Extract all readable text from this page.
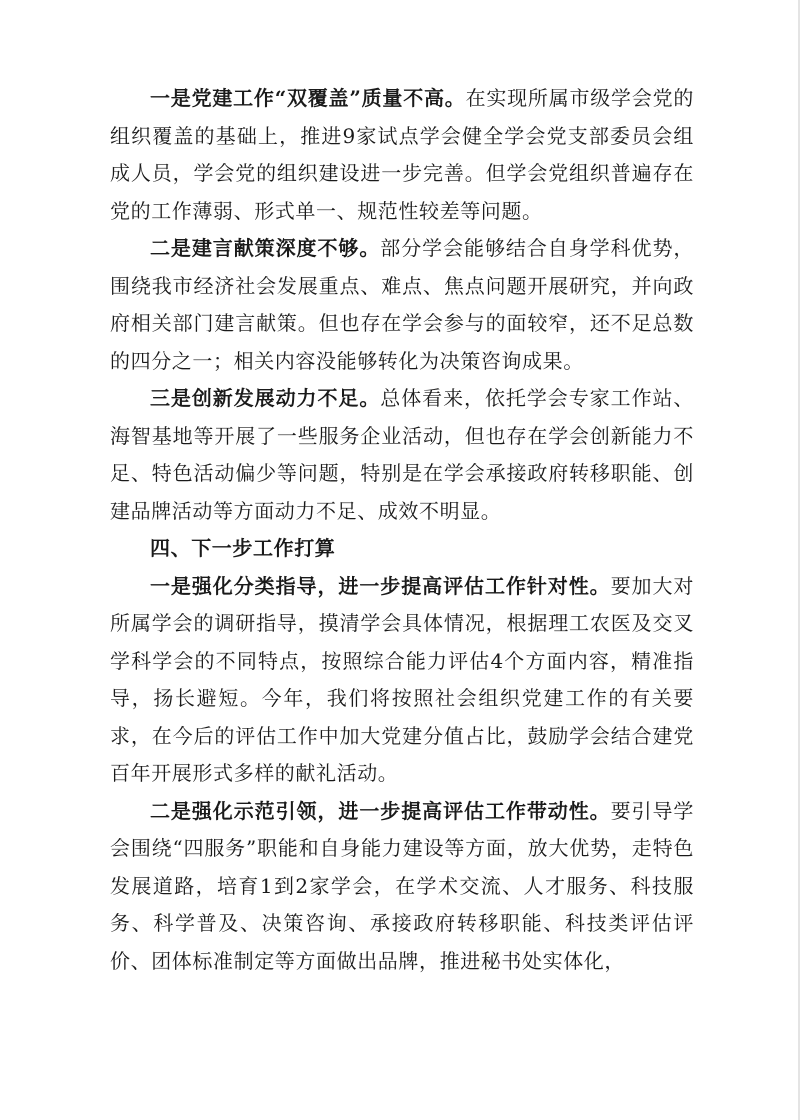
一是党建工作“双覆盖”质量不高。在实现所属市级学会党的组织覆盖的基础上，推进9家试点学会健全学会党支部委员会组成人员，学会党的组织建设进一步完善。但学会党组织普遍存在党的工作薄弱、形式单一、规范性较差等问题。

二是建言献策深度不够。部分学会能够结合自身学科优势，围绕我市经济社会发展重点、难点、焦点问题开展研究，并向政府相关部门建言献策。但也存在学会参与的面较窄，还不足总数的四分之一；相关内容没能够转化为决策咨询成果。

三是创新发展动力不足。总体看来，依托学会专家工作站、海智基地等开展了一些服务企业活动，但也存在学会创新能力不足、特色活动偏少等问题，特别是在学会承接政府转移职能、创建品牌活动等方面动力不足、成效不明显。

四、下一步工作打算

一是强化分类指导，进一步提高评估工作针对性。要加大对所属学会的调研指导，摸清学会具体情况，根据理工农医及交叉学科学会的不同特点，按照综合能力评估4个方面内容，精准指导，扬长避短。今年，我们将按照社会组织党建工作的有关要求，在今后的评估工作中加大党建分值占比，鼓励学会结合建党百年开展形式多样的献礼活动。

二是强化示范引领，进一步提高评估工作带动性。要引导学会围绕“四服务”职能和自身能力建设等方面，放大优势，走特色发展道路，培育1到2家学会，在学术交流、人才服务、科技服务、科学普及、决策咨询、承接政府转移职能、科技类评估评价、团体标准制定等方面做出品牌，推进秘书处实体化，
